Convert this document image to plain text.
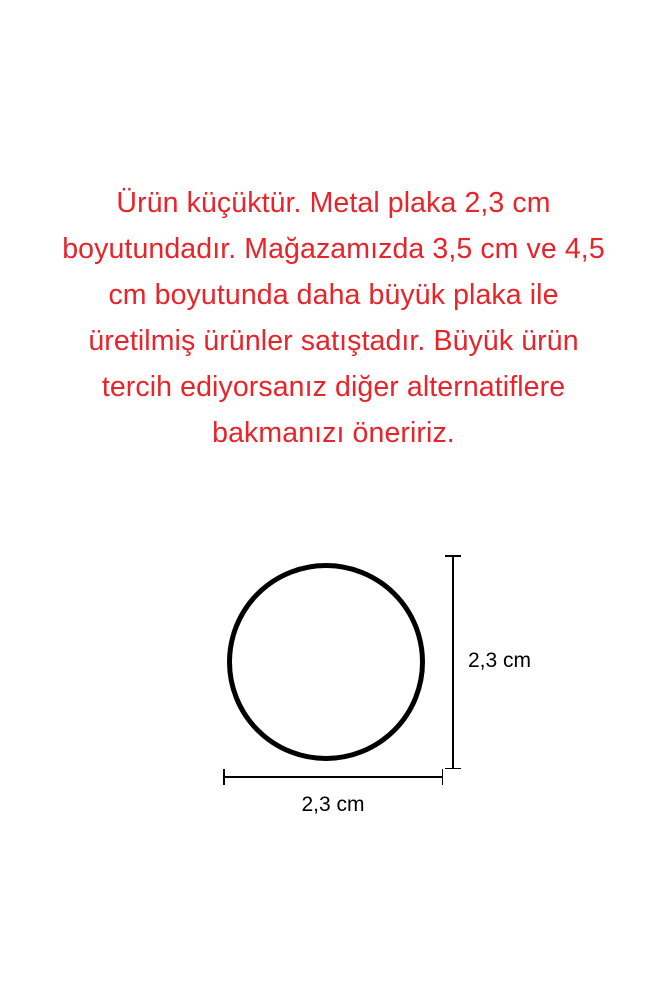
Ürün küçüktür. Metal plaka 2,3 cm boyutundadır. Mağazamızda 3,5 cm ve 4,5 cm boyutunda daha büyük plaka ile üretilmiş ürünler satıştadır. Büyük ürün tercih ediyorsanız diğer alternatiflere bakmanızı öneririz.
2,3 cm
2,3 cm
